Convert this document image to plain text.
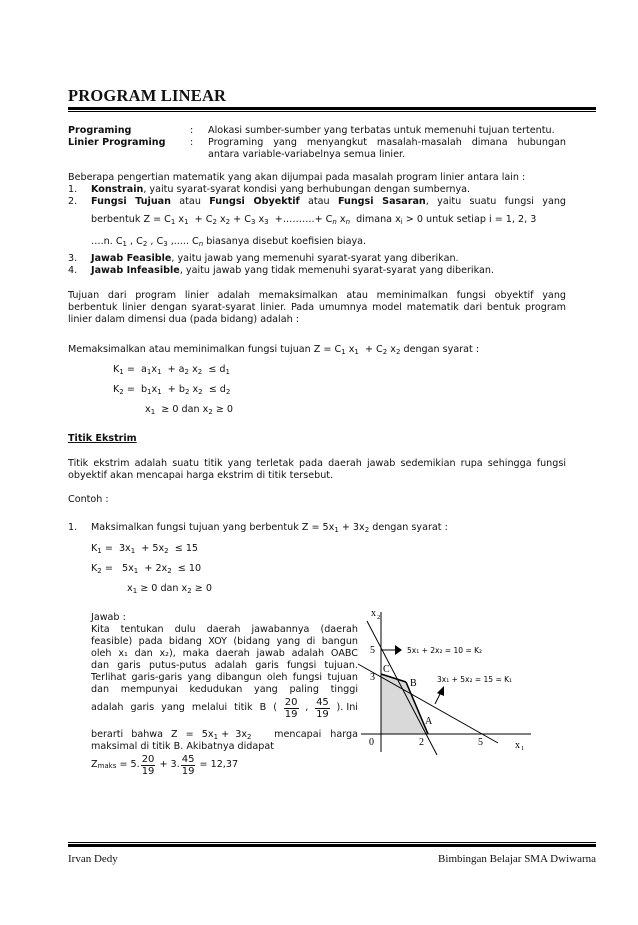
PROGRAM LINEAR
Programing	: Alokasi sumber-sumber yang terbatas untuk memenuhi tujuan tertentu.
Linier Programing	: Programing yang menyangkut masalah-masalah dimana hubungan
antara variable-variabelnya semua linier.
Beberapa pengertian matematik yang akan dijumpai pada masalah program linier antara lain :
1. Konstrain, yaitu syarat-syarat kondisi yang berhubungan dengan sumbernya.
2. Fungsi Tujuan atau Fungsi Obyektif atau Fungsi Sasaran, yaitu suatu fungsi yang
berbentuk $Z = C_1$ $x_1 + C_2$ $x_2 + C_3$ $x_3$  +……….+ $C_n$ $x_n$  dimana $x_i > 0$ untuk setiap i = 1, 2, 3
….n. $C_1$ , $C_2$ , $C_3$ ,..... $C_n$ biasanya disebut koefisien biaya.
3. Jawab Feasible, yaitu jawab yang memenuhi syarat-syarat yang diberikan.
4. Jawab Infeasible, yaitu jawab yang tidak memenuhi syarat-syarat yang diberikan.
Tujuan dari program linier adalah memaksimalkan atau meminimalkan fungsi obyektif yang
berbentuk linier dengan syarat-syarat linier. Pada umumnya model matematik dari bentuk program
linier dalam dimensi dua (pada bidang) adalah :
Memaksimalkan atau meminimalkan fungsi tujuan $Z = C_1$ $x_1 + C_2$ $x_2$ dengan syarat :
$K_1 = a_1x_1 + a_2$ $x_2 \le d_1$
$K_2 = b_1x_1 + b_2$ $x_2 \le d_2$
$x_1 \ge 0$ dan $x_2 \ge 0$
Titik Ekstrim
Titik ekstrim adalah suatu titik yang terletak pada daerah jawab sedemikian rupa sehingga fungsi
obyektif akan mencapai harga ekstrim di titik tersebut.
Contoh :
1. Maksimalkan fungsi tujuan yang berbentuk $Z = 5x_1 + 3x_2$ dengan syarat :
$K_1 = 3x_1 + 5x_2 \le 15$
$K_2 = 5x_1 + 2x_2 \le 10$
$x_1 \ge 0$ dan $x_2 \ge 0$
Jawab :
Kita tentukan dulu daerah jawabannya (daerah
feasible) pada bidang XOY (bidang yang di bangun
oleh x₁ dan x₂), maka daerah jawab adalah OABC
dan garis putus-putus adalah garis fungsi tujuan.
Terlihat garis-garis yang dibangun oleh fungsi tujuan
dan mempunyai kedudukan yang paling tinggi
adalah garis yang melalui titik B ( $\frac{20}{19}$ , $\frac{45}{19}$ ). Ini
berarti bahwa $Z = 5x_1 + 3x_2$ mencapai harga
maksimal di titik B. Akibatnya didapat
Z maks = 5. $\frac{20}{19} + 3$. $\frac{45}{19}$
= 12,37
x 2
x 1
0	2	5
3
5
A
B
C
5x₁ + 2x₂ = 10 = K₂
3x₁ + 5x₂ = 15 = K₁
Irvan Dedy	Bimbingan Belajar SMA Dwiwarna
